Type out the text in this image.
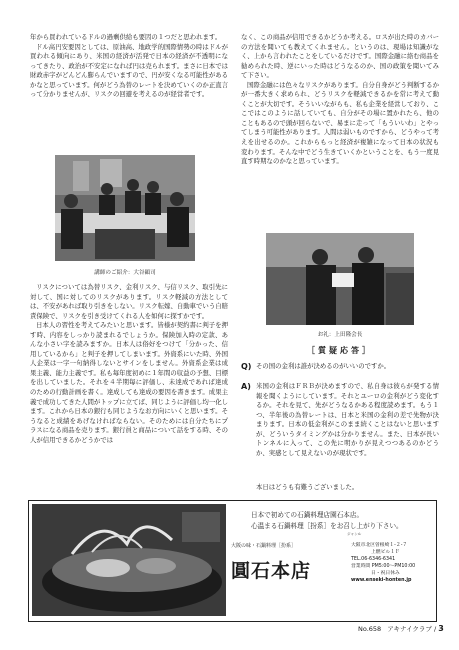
年から買われているドルの過剰供給も要因の１つだと思われます。

ドル高円安要因としては、原油高、地政学的国際情勢の時はドルが買われる傾向にあり、米国の経済が活発で日本の経済が不透明になってきたり、政治が不安定になれば円は売られます。まさに日本では財政赤字がどんどん膨らんでいますので、円が安くなる可能性があるかなと思っています。何がどう為替のレートを決めていくのか正直言って分かりませんが、リスクの回避を考えるのが経営者です。

講師のご紹介：大谷顕司

リスクについては為替リスク、金利リスク、与信リスク、取引先に対して、国に対してのリスクがあります。リスク軽減の方法としては、不安があれば取り引きをしない。リスク転嫁、自動車でいう自賠責保険で、リスクを引き受けてくれる人を如何に探すかです。

日本人の習性を考えてみたいと思います。皆様が契約書に判子を押す時、内容をしっかり読まれるでしょうか。保険加入時の定款、あんな小さい字を読みますか。日本人は俗好をつけて「分かった、信用しているから」と判子を押してしまいます。外資系にいた時、外国人企業は一字一句納得しないとサインをしません。外資系企業は成果主義、能力主義です。私も毎年度初めに１年間の収益の予想、目標を出していました。それを４半期毎に評価し、未達成であれば達成のための行動計画を書く。達成しても達成の要因を書きます。成果主義で成功してきた人間がトップに立てば、同じように評価し均一化します。これから日本の銀行も同じようなお方向にいくと思います。そうなると成績をあげなければならない。そのためには自分たちにプラスになる商品を売ります。銀行員と商品について話をする時、その人が信用できるかどうかでは

なく、この商品が信用できるかどうか考える。ロスが出た時のカバーの方法を聞いても教えてくれません。というのは、現場は知識がなく、上から言われたことをしているだけです。国際金融に絡む商品を勧められた時、逆にいった時はどうなるのか、国の政策を聞いてみて下さい。

国際金融には色々なリスクがあります。自分自身がどう判断するかが一番大きく求められ、どうリスクを軽減できるかを常に考えて動くことが大切です。そういいながらも、私も企業を経営しており、ここではこのように話していても、自分がその場に置かれたら、他のこともあるので頭が回らないで、易まに走って「もういいわ」とやってしまう可能性があります。人間は弱いものですから、どうやって考えを出せるのか。これからもっと経済が複雑になって日本の状況も変わります。そんな中でどう生きていくかということを、もう一度見直す時期なのかなと思っています。

お礼：上田隆会長
［質疑応答］
Q) その国の金利は誰が決めるのがいいのですか。
A) 米国の金利はＦＲＢが決めますので、私自身は彼らが発する情報を聞くようにしています。それとユーロの金利がどう変化するか。それを見て、先がどうなるかある程度読めます。もう１つ、半年後の為替レートは、日本と米国の金利の差で先物が決まります。日本の低金利がこのまま続くことはないと思いますが、どういうタイミングかは分かりません。また、日本が長いトンネルに入って、この先に明かりが見えつつあるのかどうか、実感として見えないのが現状です。
本日はどうも有難うございました。
日本で初めての石鍋料理店園石本店。
心温まる石鍋料理［扮系］をお召し上がり下さい。
ジャンル
大阪の味・石鍋料理［扮系］
圓石本店
大阪市北区曽根崎１-２-７
上燃ビル１Ｆ
TEL.06-6346-6341
営業時間 PM5:00～PM10:00
日・祝日休み
www.enseki-honten.jp
No.658 アキナイクラブ / 3
